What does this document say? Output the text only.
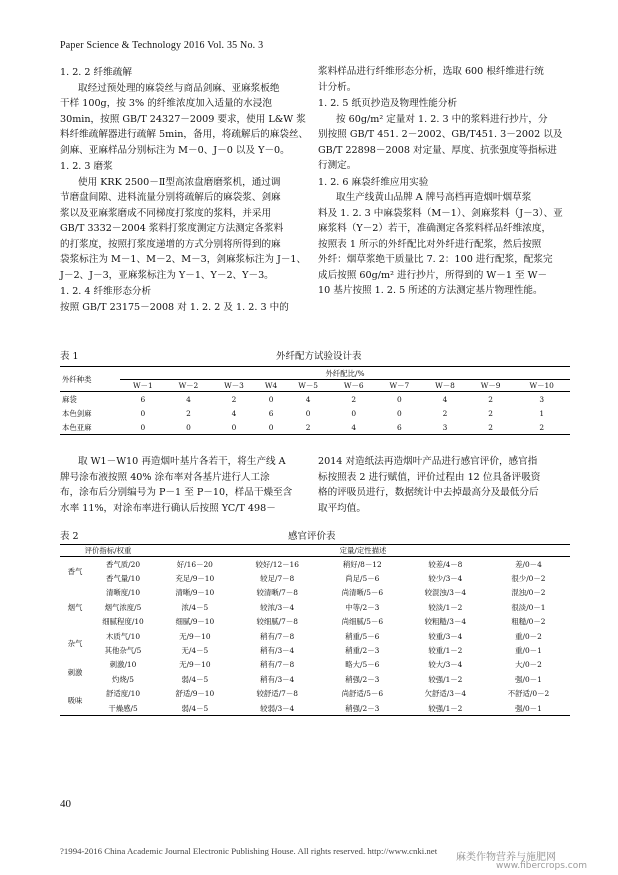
Paper Science & Technology 2016 Vol. 35 No. 3

1. 2. 2 纤维疏解

取经过预处理的麻袋丝与商品剑麻、亚麻浆板绝

干样 100g，按 3% 的纤维浓度加入适量的水浸泡

30min，按照 GB/T 24327－2009 要求，使用 L&W 浆

料纤维疏解器进行疏解 5min，备用，将疏解后的麻袋丝、

剑麻、亚麻样品分别标注为 M－0、J－0 以及 Y－0。

1. 2. 3 磨浆

使用 KRK 2500－Ⅱ型高浓盘磨磨浆机，通过调

节磨盘间隙、进料流量分别将疏解后的麻袋浆、剑麻

浆以及亚麻浆磨成不同梯度打浆度的浆料，并采用

GB/T 3332－2004 浆料打浆度测定方法测定各浆料

的打浆度，按照打浆度递增的方式分别将所得到的麻

袋浆标注为 M－1、M－2、M－3，剑麻浆标注为 J－1、

J－2、J－3，亚麻浆标注为 Y－1、Y－2、Y－3。

1. 2. 4 纤维形态分析

按照 GB/T 23175－2008 对 1. 2. 2 及 1. 2. 3 中的

浆料样品进行纤维形态分析，选取 600 根纤维进行统

计分析。

1. 2. 5 纸页抄造及物理性能分析

按 60g/m² 定量对 1. 2. 3 中的浆料进行抄片，分

别按照 GB/T 451. 2－2002、GB/T451. 3－2002 以及

GB/T 22898－2008 对定量、厚度、抗张强度等指标进

行测定。

1. 2. 6 麻袋纤维应用实验

取生产线黄山品牌 A 牌号高档再造烟叶烟草浆

料及 1. 2. 3 中麻袋浆料（M－1）、剑麻浆料（J－3）、亚

麻浆料（Y－2）若干，准确测定各浆料样品纤维浓度，

按照表 1 所示的外纤配比对外纤进行配浆，然后按照

外纤：烟草浆绝干质量比 7. 2：100 进行配浆，配浆完

成后按照 60g/m² 进行抄片，所得到的 W－1 至 W－

10 基片按照 1. 2. 5 所述的方法测定基片物理性能。

表 1	外纤配方试验设计表
外纤种类	外纤配比/%									
	W－1	W－2	W－3	W4	W－5	W－6	W－7	W－8	W－9	W－10
麻袋	6	4	2	0	4	2	0	4	2	3
本色剑麻	0	2	4	6	0	0	0	2	2	1
本色亚麻	0	0	0	0	2	4	6	3	2	2

取 W1－W10 再造烟叶基片各若干，将生产线 A

牌号涂布液按照 40% 涂布率对各基片进行人工涂

布，涂布后分别编号为 P－1 至 P－10，样品干燥至含

水率 11%，对涂布率进行确认后按照 YC/T 498－

2014 对造纸法再造烟叶产品进行感官评价，感官指

标按照表 2 进行赋值，评价过程由 12 位具备评吸资

格的评吸员进行，数据统计中去掉最高分及最低分后

取平均值。

表 2	感官评价表
评价指标/权重		定量/定性描述				
香气	香气质/20	好/16－20	较好/12－16	稍好/8－12	较差/4－8	差/0－4
	香气量/10	充足/9－10	较足/7－8	尚足/5－6	较少/3－4	很少/0－2
烟气	清晰度/10	清晰/9－10	较清晰/7－8	尚清晰/5－6	较混浊/3－4	混浊/0－2
	烟气浓度/5	浓/4－5	较浓/3－4	中等/2－3	较淡/1－2	很淡/0－1
	细腻程度/10	细腻/9－10	较细腻/7－8	尚细腻/5－6	较粗糙/3－4	粗糙/0－2
杂气	木质气/10	无/9－10	稍有/7－8	稍重/5－6	较重/3－4	重/0－2
	其他杂气/5	无/4－5	稍有/3－4	稍重/2－3	较重/1－2	重/0－1
刺激	刺激/10	无/9－10	稍有/7－8	略大/5－6	较大/3－4	大/0－2
	灼烧/5	弱/4－5	稍有/3－4	稍强/2－3	较强/1－2	强/0－1
吸味	舒适度/10	舒适/9－10	较舒适/7－8	尚舒适/5－6	欠舒适/3－4	不舒适/0－2
	干燥感/5	弱/4－5	较弱/3－4	稍强/2－3	较强/1－2	强/0－1
40
?1994-2016 China Academic Journal Electronic Publishing House. All rights reserved. http://www.cnki.net
麻类作物营养与施肥网
www.fibercrops.com
